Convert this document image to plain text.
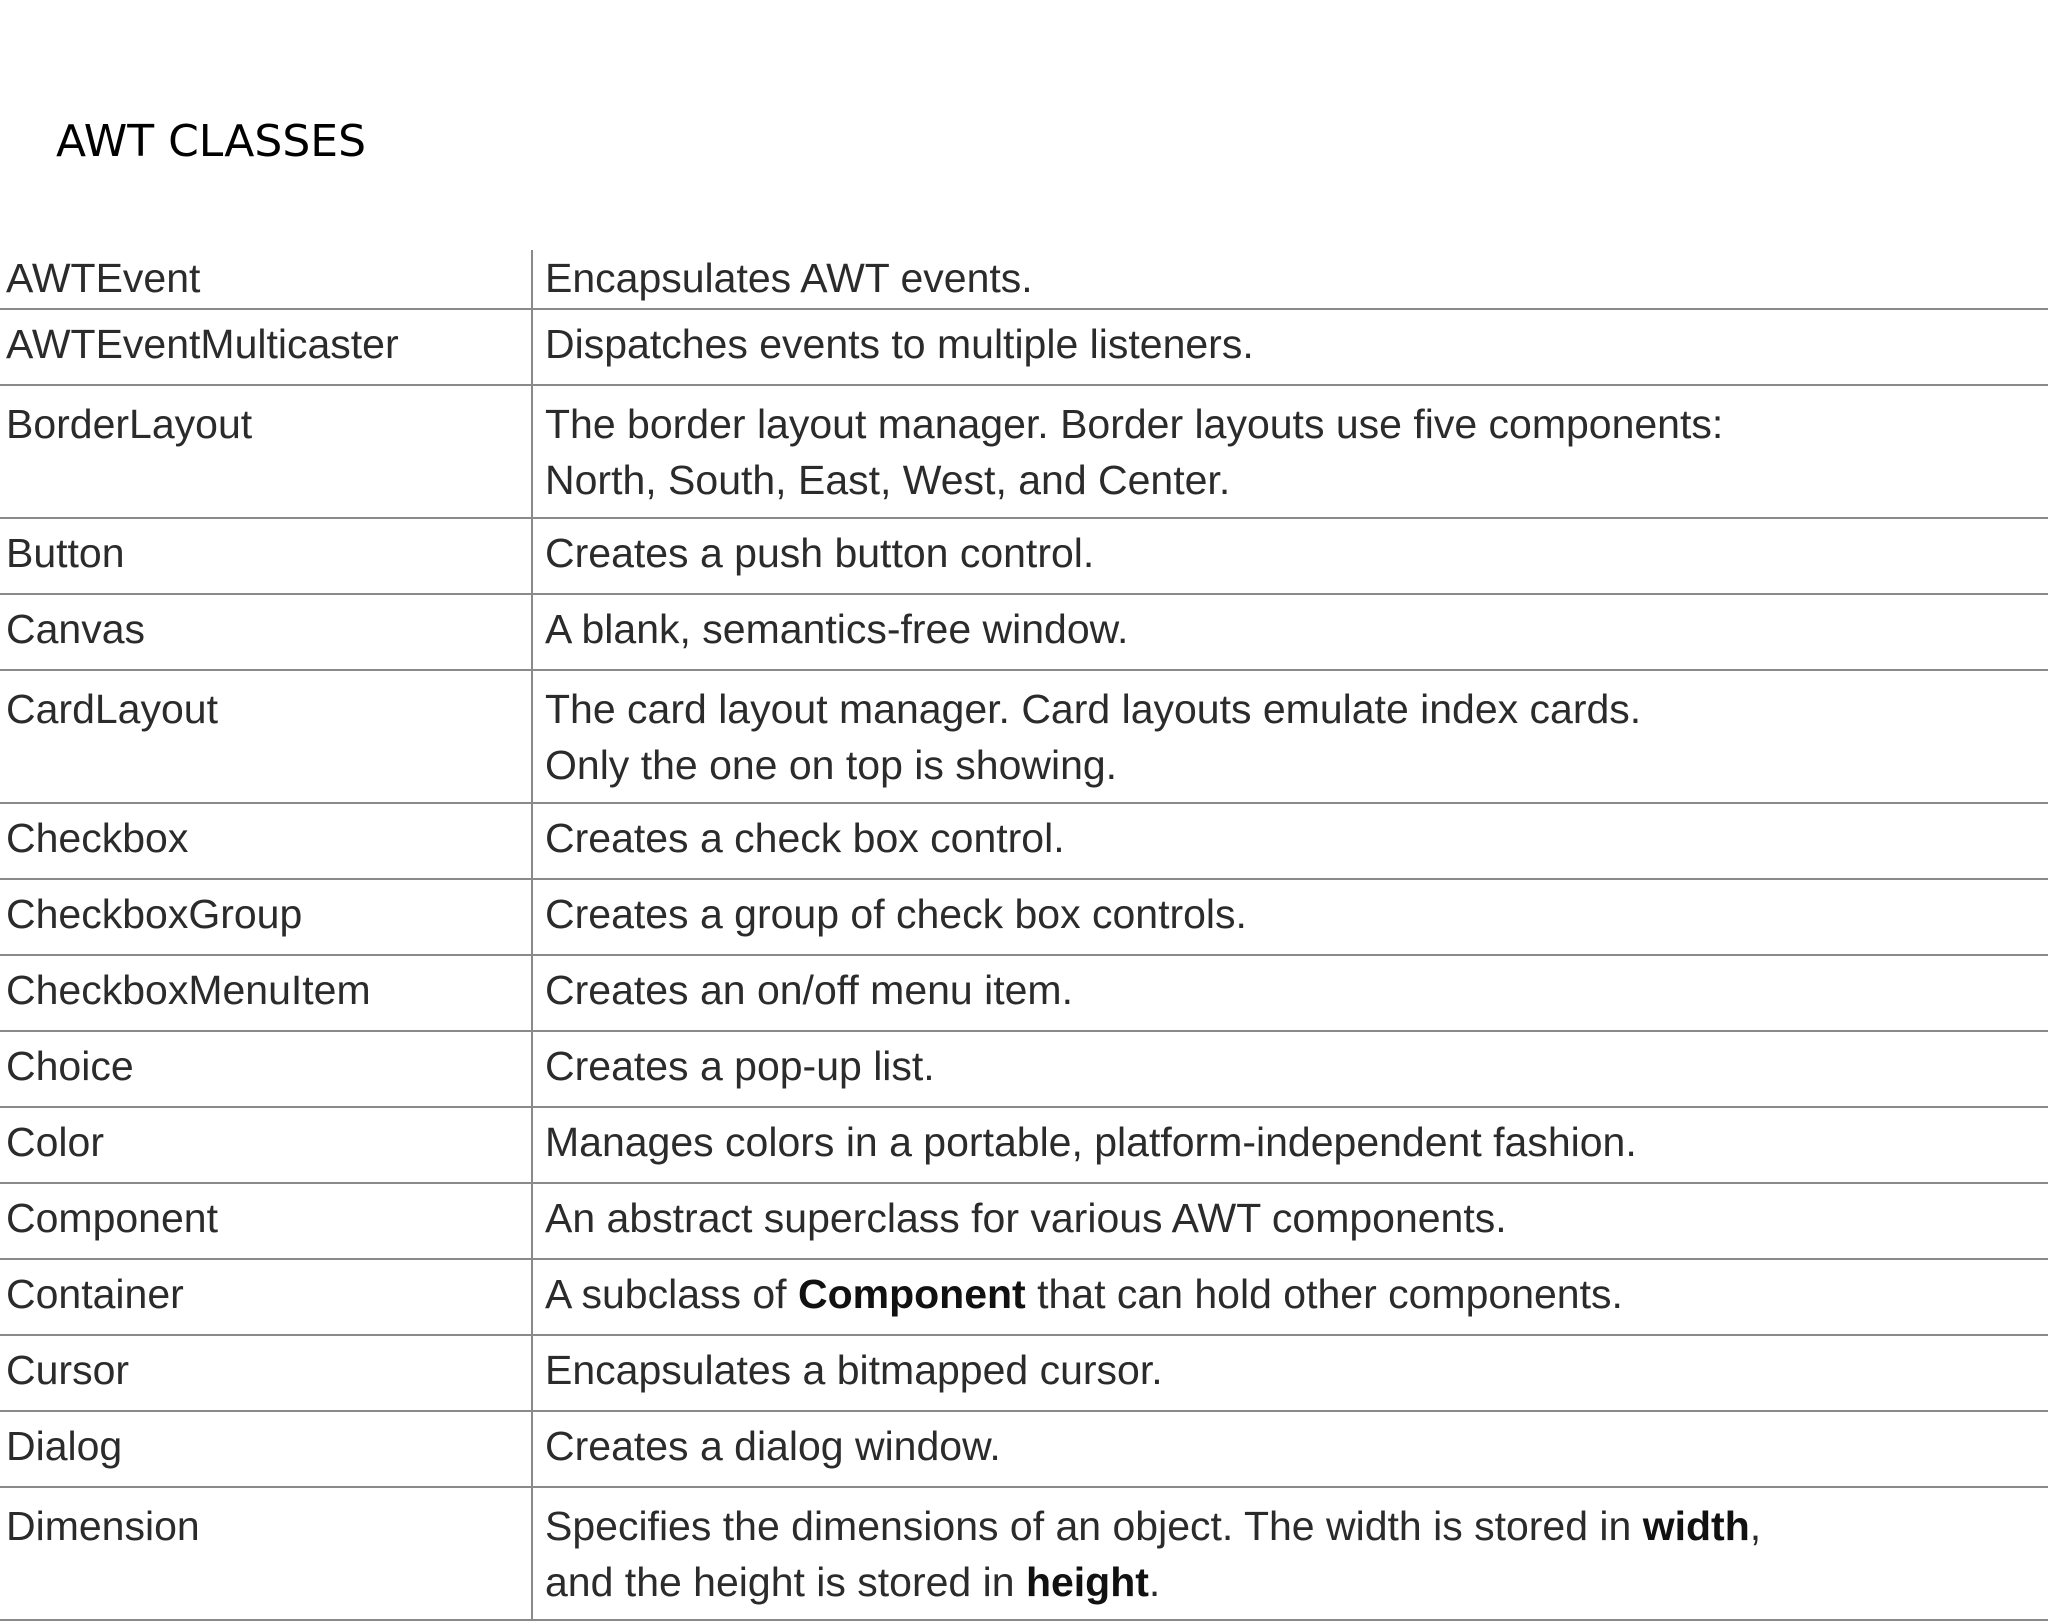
AWT CLASSES
AWTEvent	Encapsulates AWT events.
AWTEventMulticaster	Dispatches events to multiple listeners.
BorderLayout	The border layout manager. Border layouts use five components:
North, South, East, West, and Center.

Button	Creates a push button control.
Canvas	A blank, semantics-free window.
CardLayout	The card layout manager. Card layouts emulate index cards.
Only the one on top is showing.

Checkbox	Creates a check box control.
CheckboxGroup	Creates a group of check box controls.
CheckboxMenuItem	Creates an on/off menu item.
Choice	Creates a pop-up list.
Color	Manages colors in a portable, platform-independent fashion.
Component	An abstract superclass for various AWT components.
Container	A subclass of Component that can hold other components.
Cursor	Encapsulates a bitmapped cursor.
Dialog	Creates a dialog window.
Dimension	Specifies the dimensions of an object. The width is stored in width,
and the height is stored in height.
